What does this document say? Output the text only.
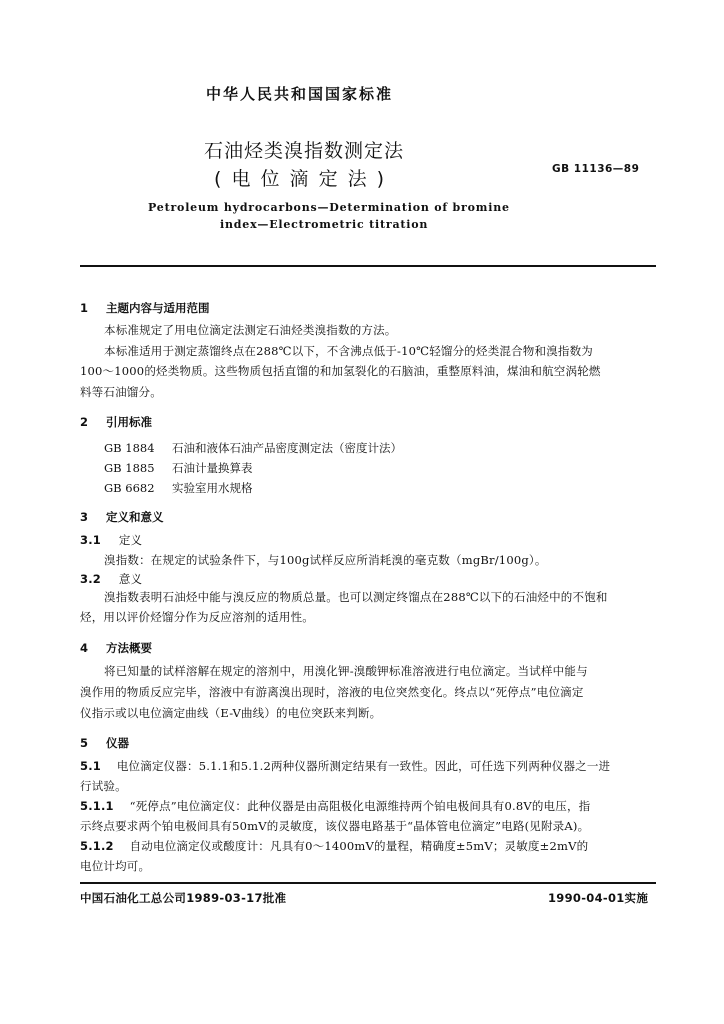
中华人民共和国国家标准
石油烃类溴指数测定法
( 电 位 滴 定 法 )	GB 11136—89
Petroleum hydrocarbons—Determination of bromine
index—Electrometric titration
1 主题内容与适用范围
本标准规定了用电位滴定法测定石油烃类溴指数的方法。
本标准适用于测定蒸馏终点在288℃以下，不含沸点低于-10℃轻馏分的烃类混合物和溴指数为
100～1000的烃类物质。这些物质包括直馏的和加氢裂化的石脑油，重整原料油，煤油和航空涡轮燃
料等石油馏分。
2 引用标准
GB 1884 石油和液体石油产品密度测定法（密度计法）
GB 1885 石油计量换算表
GB 6682 实验室用水规格
3 定义和意义
3.1 定义
溴指数：在规定的试验条件下，与100g试样反应所消耗溴的毫克数（mgBr/100g）。
3.2 意义
溴指数表明石油烃中能与溴反应的物质总量。也可以测定终馏点在288℃以下的石油烃中的不饱和
烃，用以评价烃馏分作为反应溶剂的适用性。
4 方法概要
将已知量的试样溶解在规定的溶剂中，用溴化钾-溴酸钾标准溶液进行电位滴定。当试样中能与
溴作用的物质反应完毕，溶液中有游离溴出现时，溶液的电位突然变化。终点以“死停点”电位滴定
仪指示或以电位滴定曲线（E-V曲线）的电位突跃来判断。
5 仪器
5.1 电位滴定仪器：5.1.1和5.1.2两种仪器所测定结果有一致性。因此，可任选下列两种仪器之一进
行试验。
5.1.1 “死停点”电位滴定仪：此种仪器是由高阻极化电源维持两个铂电极间具有0.8V的电压，指
示终点要求两个铂电极间具有50mV的灵敏度，该仪器电路基于“晶体管电位滴定”电路(见附录A)。
5.1.2 自动电位滴定仪或酸度计：凡具有0～1400mV的量程，精确度±5mV；灵敏度±2mV的
电位计均可。
中国石油化工总公司1989-03-17批准	1990-04-01实施
